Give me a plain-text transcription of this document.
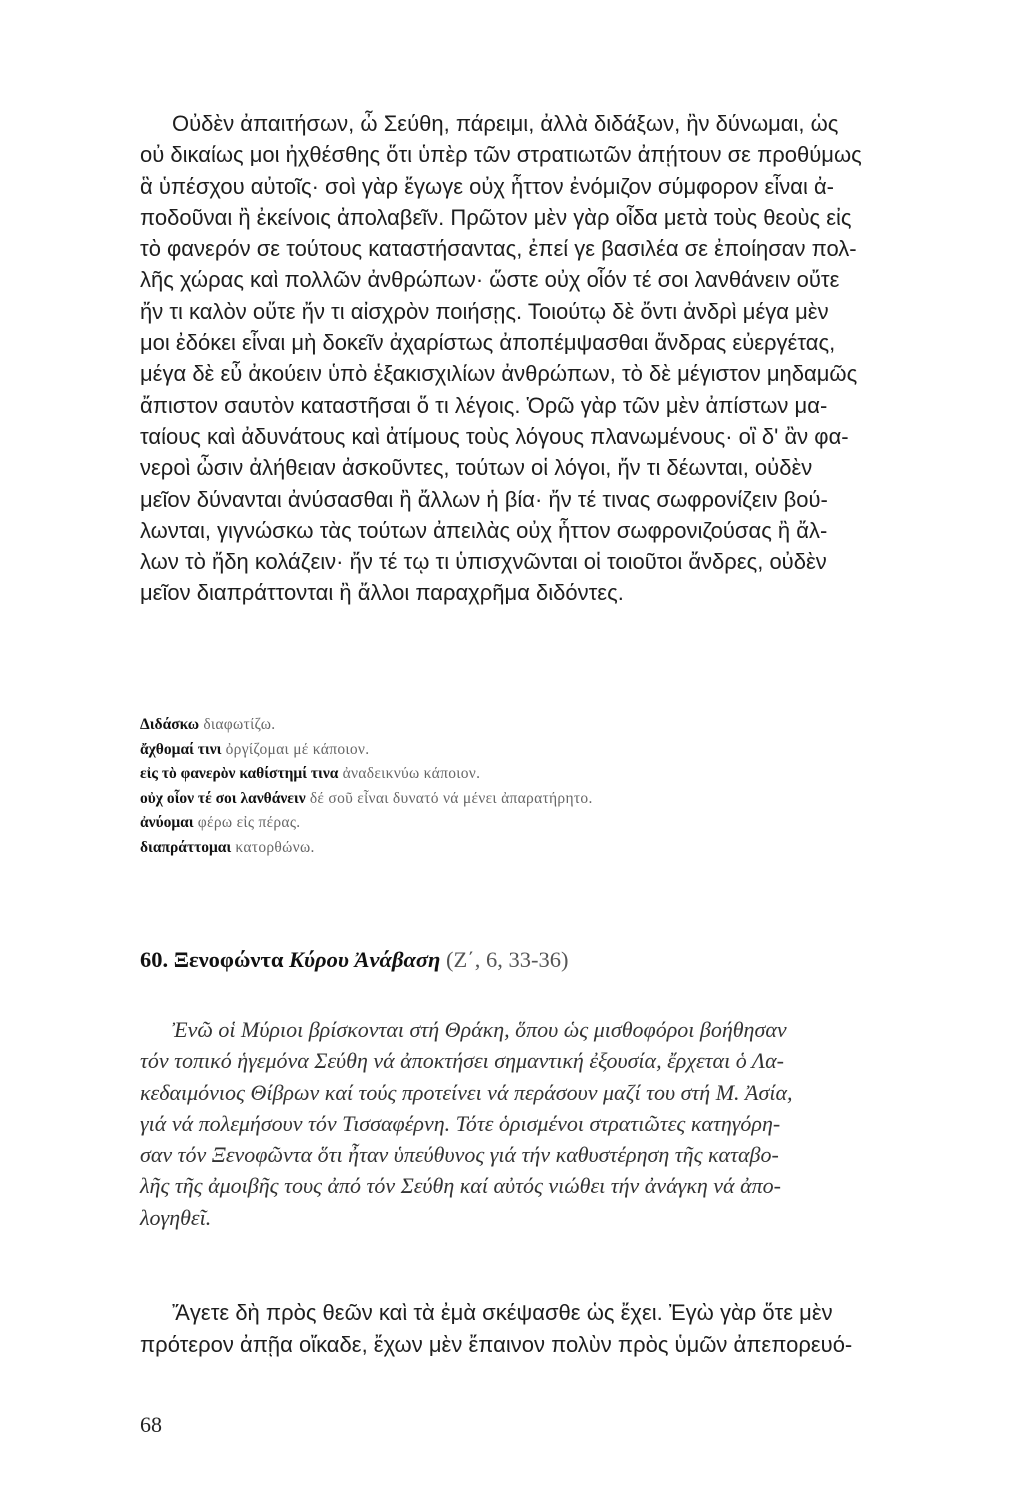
Οὐδὲν ἀπαιτήσων, ὦ Σεύθη, πάρειμι, ἀλλὰ διδάξων, ἢν δύνωμαι, ὡς
οὐ δικαίως μοι ἠχθέσθης ὅτι ὑπὲρ τῶν στρατιωτῶν ἀπῄτουν σε προθύμως
ἃ ὑπέσχου αὐτοῖς· σοὶ γὰρ ἔγωγε οὐχ ἧττον ἐνόμιζον σύμφορον εἶναι ἀ-
ποδοῦναι ἢ ἐκείνοις ἀπολαβεῖν. Πρῶτον μὲν γὰρ οἶδα μετὰ τοὺς θεοὺς εἰς
τὸ φανερόν σε τούτους καταστήσαντας, ἐπεί γε βασιλέα σε ἐποίησαν πολ-
λῆς χώρας καὶ πολλῶν ἀνθρώπων· ὥστε οὐχ οἷόν τέ σοι λανθάνειν οὔτε
ἤν τι καλὸν οὔτε ἤν τι αἰσχρὸν ποιήσῃς. Τοιούτῳ δὲ ὄντι ἀνδρὶ μέγα μὲν
μοι ἐδόκει εἶναι μὴ δοκεῖν ἀχαρίστως ἀποπέμψασθαι ἄνδρας εὐεργέτας,
μέγα δὲ εὖ ἀκούειν ὑπὸ ἑξακισχιλίων ἀνθρώπων, τὸ δὲ μέγιστον μηδαμῶς
ἄπιστον σαυτὸν καταστῆσαι ὅ τι λέγοις. Ὁρῶ γὰρ τῶν μὲν ἀπίστων μα-
ταίους καὶ ἀδυνάτους καὶ ἀτίμους τοὺς λόγους πλανωμένους· οἳ δ' ἂν φα-
νεροὶ ὦσιν ἀλήθειαν ἀσκοῦντες, τούτων οἱ λόγοι, ἤν τι δέωνται, οὐδὲν
μεῖον δύνανται ἀνύσασθαι ἢ ἄλλων ἡ βία· ἤν τέ τινας σωφρονίζειν βού-
λωνται, γιγνώσκω τὰς τούτων ἀπειλὰς οὐχ ἧττον σωφρονιζούσας ἢ ἄλ-
λων τὸ ἤδη κολάζειν· ἤν τέ τῳ τι ὑπισχνῶνται οἱ τοιοῦτοι ἄνδρες, οὐδὲν
μεῖον διαπράττονται ἢ ἄλλοι παραχρῆμα διδόντες.
Διδάσκω διαφωτίζω.
ἄχθομαί τινι ὀργίζομαι μέ κάποιον.
εἰς τὸ φανερὸν καθίστημί τινα ἀναδεικνύω κάποιον.
οὐχ οἷον τέ σοι λανθάνειν δέ σοῦ εἶναι δυνατό νά μένει ἀπαρατήρητο.
ἀνύομαι φέρω εἰς πέρας.
διαπράττομαι κατορθώνω.
60. Ξενοφώντα Κύρου Ἀνάβαση (Ζ΄, 6, 33-36)
Ἐνῶ οἱ Μύριοι βρίσκονται στή Θράκη, ὅπου ὡς μισθοφόροι βοήθησαν
τόν τοπικό ἡγεμόνα Σεύθη νά ἀποκτήσει σημαντική ἐξουσία, ἔρχεται ὁ Λα-
κεδαιμόνιος Θίβρων καί τούς προτείνει νά περάσουν μαζί του στή Μ. Ἀσία,
γιά νά πολεμήσουν τόν Τισσαφέρνη. Τότε ὁρισμένοι στρατιῶτες κατηγόρη-
σαν τόν Ξενοφῶντα ὅτι ἦταν ὑπεύθυνος γιά τήν καθυστέρηση τῆς καταβο-
λῆς τῆς ἀμοιβῆς τους ἀπό τόν Σεύθη καί αὐτός νιώθει τήν ἀνάγκη νά ἀπο-
λογηθεῖ.
Ἄγετε δὴ πρὸς θεῶν καὶ τὰ ἐμὰ σκέψασθε ὡς ἔχει. Ἐγὼ γὰρ ὅτε μὲν
πρότερον ἀπῇα οἴκαδε, ἔχων μὲν ἔπαινον πολὺν πρὸς ὑμῶν ἀπεπορευό-
68
